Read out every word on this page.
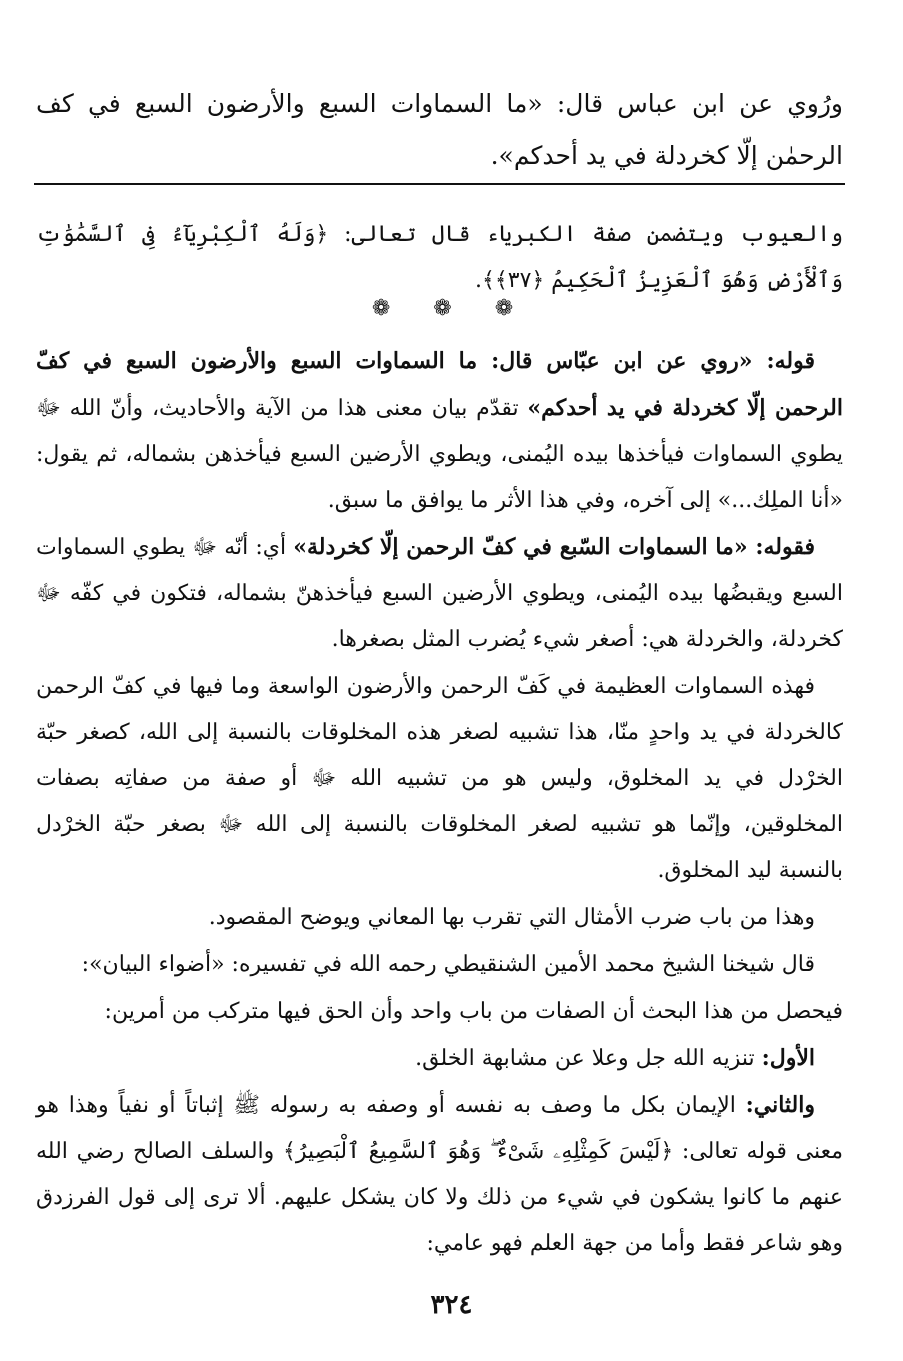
ورُوي عن ابن عباس قال: «ما السماوات السبع والأرضون السبع في كف الرحمٰن إلّا كخردلة في يد أحدكم».
والعيوب ويتضمن صفة الكبرياء قال تعالى: ﴿وَلَهُ ٱلْكِبْرِيَآءُ فِى ٱلسَّمَٰوَٰتِ وَٱلْأَرْضِ وَهُوَ ٱلْعَزِيزُ ٱلْحَكِيمُ ﴿٣٧﴾﴾.
❁ ❁ ❁

قوله: «روي عن ابن عبّاس قال: ما السماوات السبع والأرضون السبع في كفّ الرحمن إلّا كخردلة في يد أحدكم» تقدّم بيان معنى هذا من الآية والأحاديث، وأنّ الله ﷻ يطوي السماوات فيأخذها بيده اليُمنى، ويطوي الأرضين السبع فيأخذهن بشماله، ثم يقول: «أنا الملِك...» إلى آخره، وفي هذا الأثر ما يوافق ما سبق.

فقوله: «ما السماوات السّبع في كفّ الرحمن إلّا كخردلة» أي: أنّه ﷻ يطوي السماوات السبع ويقبضُها بيده اليُمنى، ويطوي الأرضين السبع فيأخذهنّ بشماله، فتكون في كفّه ﷻ كخردلة، والخردلة هي: أصغر شيء يُضرب المثل بصغرها.

فهذه السماوات العظيمة في كَفّ الرحمن والأرضون الواسعة وما فيها في كفّ الرحمن كالخردلة في يد واحدٍ منّا، هذا تشبيه لصغر هذه المخلوقات بالنسبة إلى الله، كصغر حبّة الخرْدل في يد المخلوق، وليس هو من تشبيه الله ﷻ أو صفة من صفاتِه بصفات المخلوقين، وإنّما هو تشبيه لصغر المخلوقات بالنسبة إلى الله ﷻ بصغر حبّة الخرْدل بالنسبة ليد المخلوق.

وهذا من باب ضرب الأمثال التي تقرب بها المعاني ويوضح المقصود.

قال شيخنا الشيخ محمد الأمين الشنقيطي رحمه الله في تفسيره: «أضواء البيان»:

فيحصل من هذا البحث أن الصفات من باب واحد وأن الحق فيها متركب من أمرين:

الأول: تنزيه الله جل وعلا عن مشابهة الخلق.

والثاني: الإيمان بكل ما وصف به نفسه أو وصفه به رسوله ﷺ إثباتاً أو نفياً وهذا هو معنى قوله تعالى: ﴿لَيْسَ كَمِثْلِهِۦ شَىْءٌ ۖ وَهُوَ ٱلسَّمِيعُ ٱلْبَصِيرُ﴾ والسلف الصالح رضي الله عنهم ما كانوا يشكون في شيء من ذلك ولا كان يشكل عليهم. ألا ترى إلى قول الفرزدق وهو شاعر فقط وأما من جهة العلم فهو عامي:

٣٢٤
